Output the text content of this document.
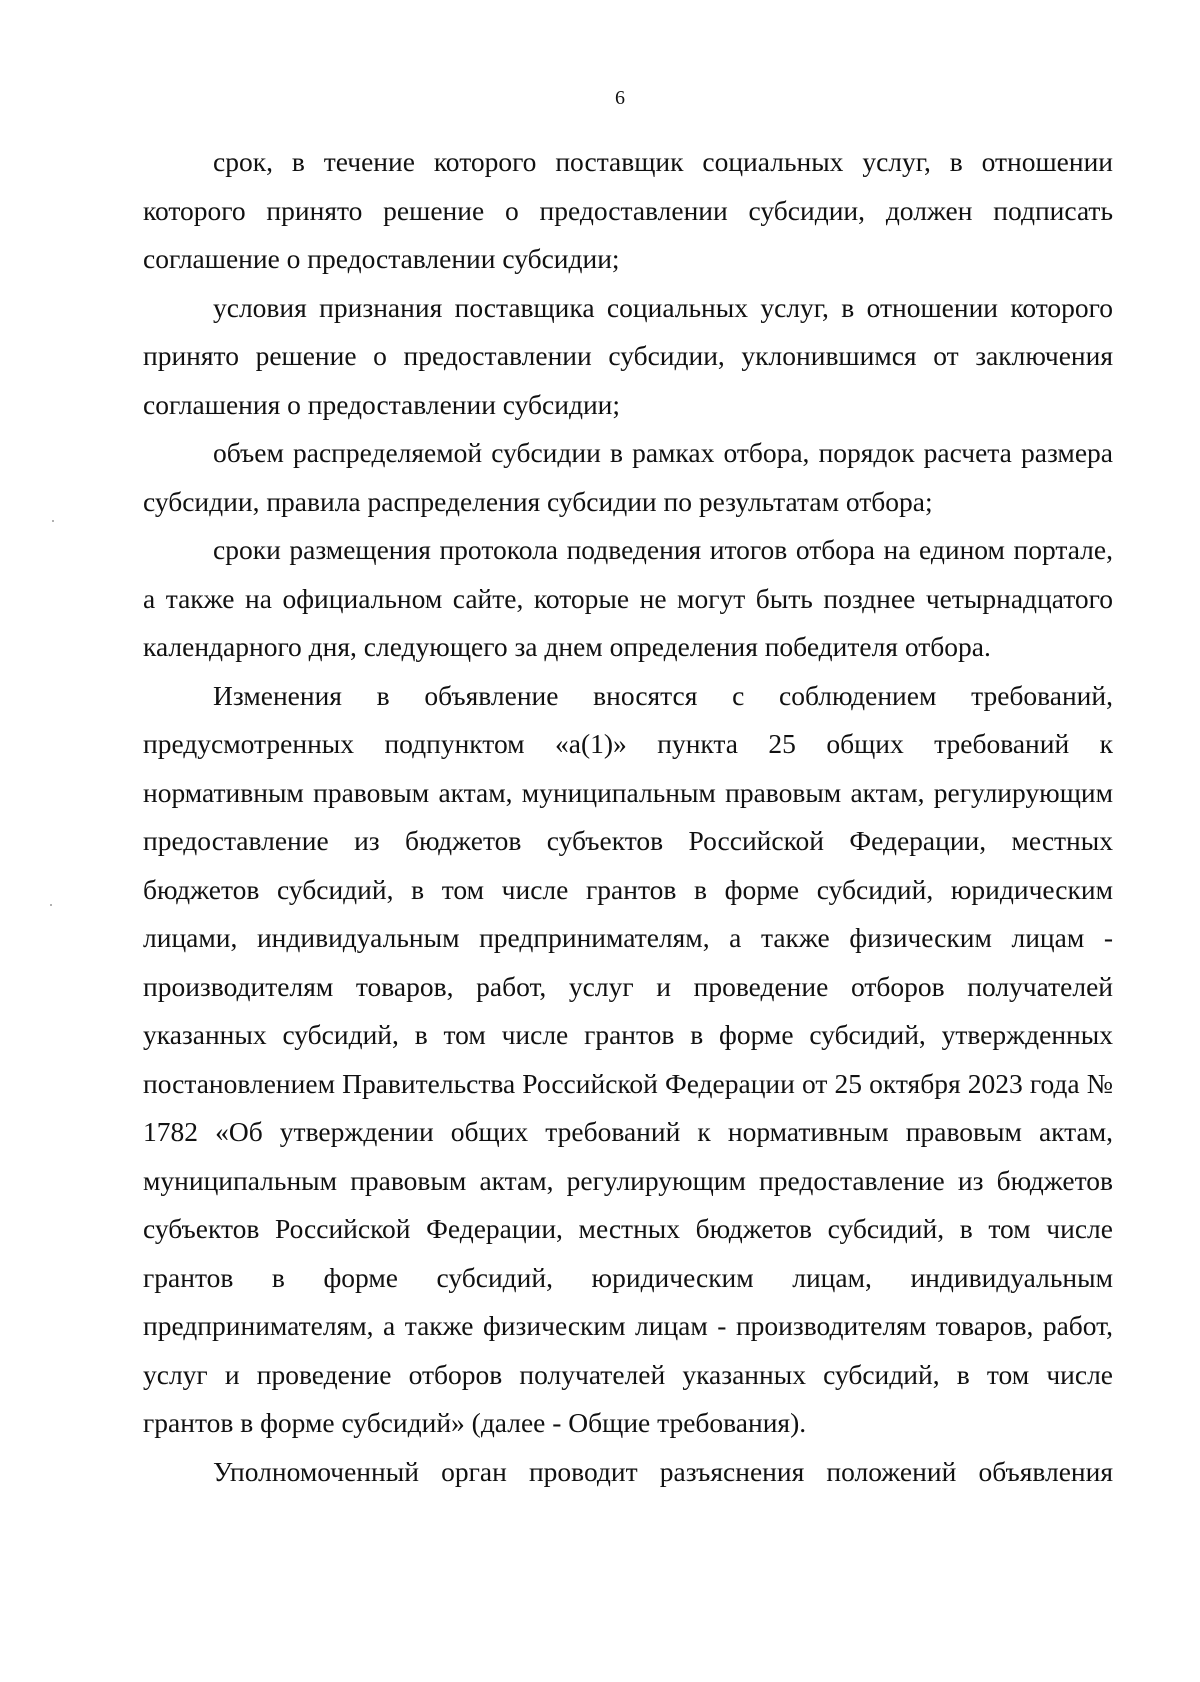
6

срок, в течение которого поставщик социальных услуг, в отношении которого принято решение о предоставлении субсидии, должен подписать соглашение о предоставлении субсидии;

условия признания поставщика социальных услуг, в отношении которого принято решение о предоставлении субсидии, уклонившимся от заключения соглашения о предоставлении субсидии;

объем распределяемой субсидии в рамках отбора, порядок расчета размера субсидии, правила распределения субсидии по результатам отбора;

сроки размещения протокола подведения итогов отбора на едином портале, а также на официальном сайте, которые не могут быть позднее четырнадцатого календарного дня, следующего за днем определения победителя отбора.

Изменения в объявление вносятся с соблюдением требований, предусмотренных подпунктом «а(1)» пункта 25 общих требований к нормативным правовым актам, муниципальным правовым актам, регулирующим предоставление из бюджетов субъектов Российской Федерации, местных бюджетов субсидий, в том числе грантов в форме субсидий, юридическим лицами, индивидуальным предпринимателям, а также физическим лицам - производителям товаров, работ, услуг и проведение отборов получателей указанных субсидий, в том числе грантов в форме субсидий, утвержденных постановлением Правительства Российской Федерации от 25 октября 2023 года № 1782 «Об утверждении общих требований к нормативным правовым актам, муниципальным правовым актам, регулирующим предоставление из бюджетов субъектов Российской Федерации, местных бюджетов субсидий, в том числе грантов в форме субсидий, юридическим лицам, индивидуальным предпринимателям, а также физическим лицам - производителям товаров, работ, услуг и проведение отборов получателей указанных субсидий, в том числе грантов в форме субсидий» (далее - Общие требования).

Уполномоченный орган проводит разъяснения положений объявления
